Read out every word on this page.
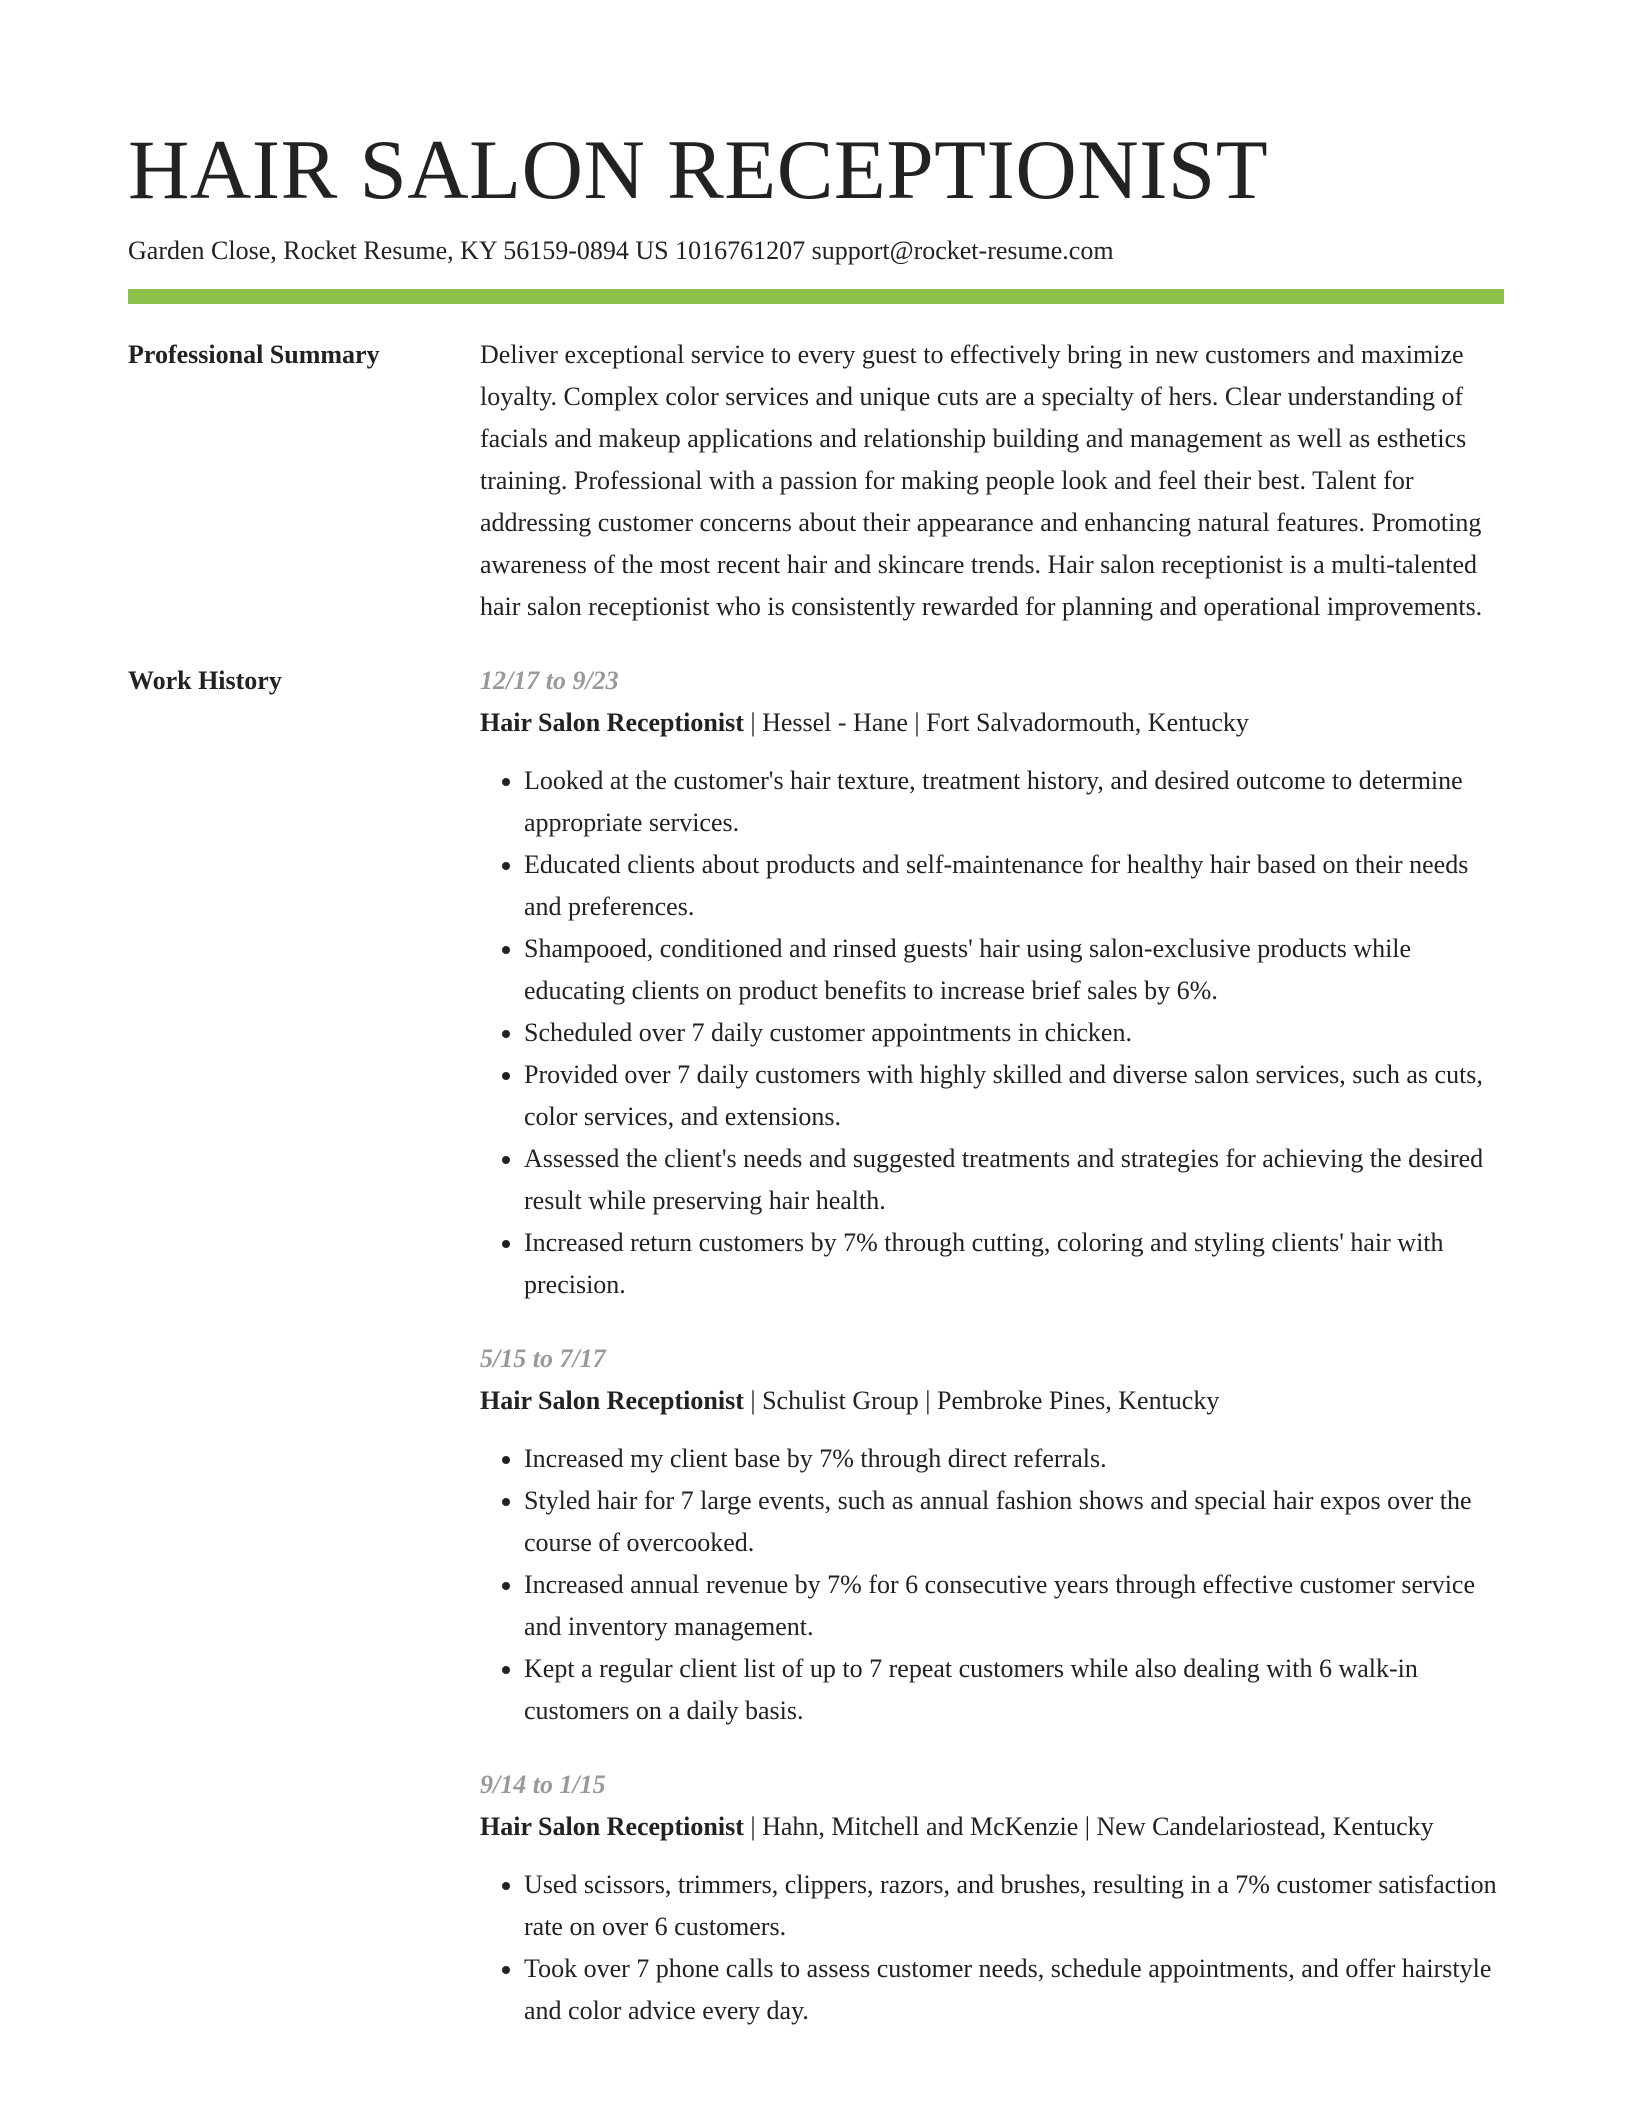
HAIR SALON RECEPTIONIST
Garden Close, Rocket Resume, KY 56159-0894 US 1016761207 support@rocket-resume.com
Professional Summary	Deliver exceptional service to every guest to effectively bring in new customers and maximize loyalty. Complex color services and unique cuts are a specialty of hers. Clear understanding of facials and makeup applications and relationship building and management as well as esthetics training. Professional with a passion for making people look and feel their best. Talent for addressing customer concerns about their appearance and enhancing natural features. Promoting awareness of the most recent hair and skincare trends. Hair salon receptionist is a multi-talented hair salon receptionist who is consistently rewarded for planning and operational improvements.

Work History	12/17 to 9/23
Hair Salon Receptionist | Hessel - Hane | Fort Salvadormouth, Kentucky
• Looked at the customer's hair texture, treatment history, and desired outcome to determine appropriate services.
• Educated clients about products and self-maintenance for healthy hair based on their needs and preferences.
• Shampooed, conditioned and rinsed guests' hair using salon-exclusive products while educating clients on product benefits to increase brief sales by 6%.
• Scheduled over 7 daily customer appointments in chicken.
• Provided over 7 daily customers with highly skilled and diverse salon services, such as cuts, color services, and extensions.
• Assessed the client's needs and suggested treatments and strategies for achieving the desired result while preserving hair health.
• Increased return customers by 7% through cutting, coloring and styling clients' hair with precision.
5/15 to 7/17
Hair Salon Receptionist | Schulist Group | Pembroke Pines, Kentucky
• Increased my client base by 7% through direct referrals.
• Styled hair for 7 large events, such as annual fashion shows and special hair expos over the course of overcooked.
• Increased annual revenue by 7% for 6 consecutive years through effective customer service and inventory management.
• Kept a regular client list of up to 7 repeat customers while also dealing with 6 walk-in customers on a daily basis.
9/14 to 1/15
Hair Salon Receptionist | Hahn, Mitchell and McKenzie | New Candelariostead, Kentucky
• Used scissors, trimmers, clippers, razors, and brushes, resulting in a 7% customer satisfaction rate on over 6 customers.
• Took over 7 phone calls to assess customer needs, schedule appointments, and offer hairstyle and color advice every day.
